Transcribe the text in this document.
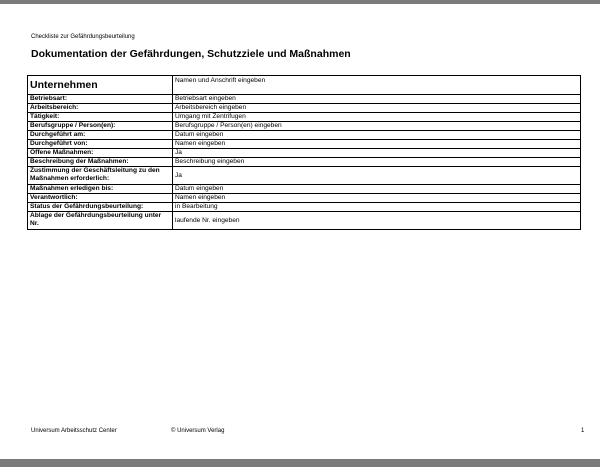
Checkliste zur Gefährdungsbeurteilung
Dokumentation der Gefährdungen, Schutzziele und Maßnahmen
Unternehmen	Namen und Anschrift eingeben
Betriebsart:	Betriebsart eingeben
Arbeitsbereich:	Arbeitsbereich eingeben
Tätigkeit:	Umgang mit Zentrifugen
Berufsgruppe / Person(en):	Berufsgruppe / Person(en) eingeben
Durchgeführt am:	Datum eingeben
Durchgeführt von:	Namen eingeben
Offene Maßnahmen:	Ja
Beschreibung der Maßnahmen:	Beschreibung eingeben
Zustimmung der Geschäftsleitung zu den Maßnahmen erforderlich:	Ja
Maßnahmen erledigen bis:	Datum eingeben
Verantwortlich:	Namen eingeben
Status der Gefährdungsbeurteilung:	in Bearbeitung
Ablage der Gefährdungsbeurteilung unter Nr.	laufende Nr. eingeben
Universum Arbeitsschutz Center	© Universum Verlag	1
